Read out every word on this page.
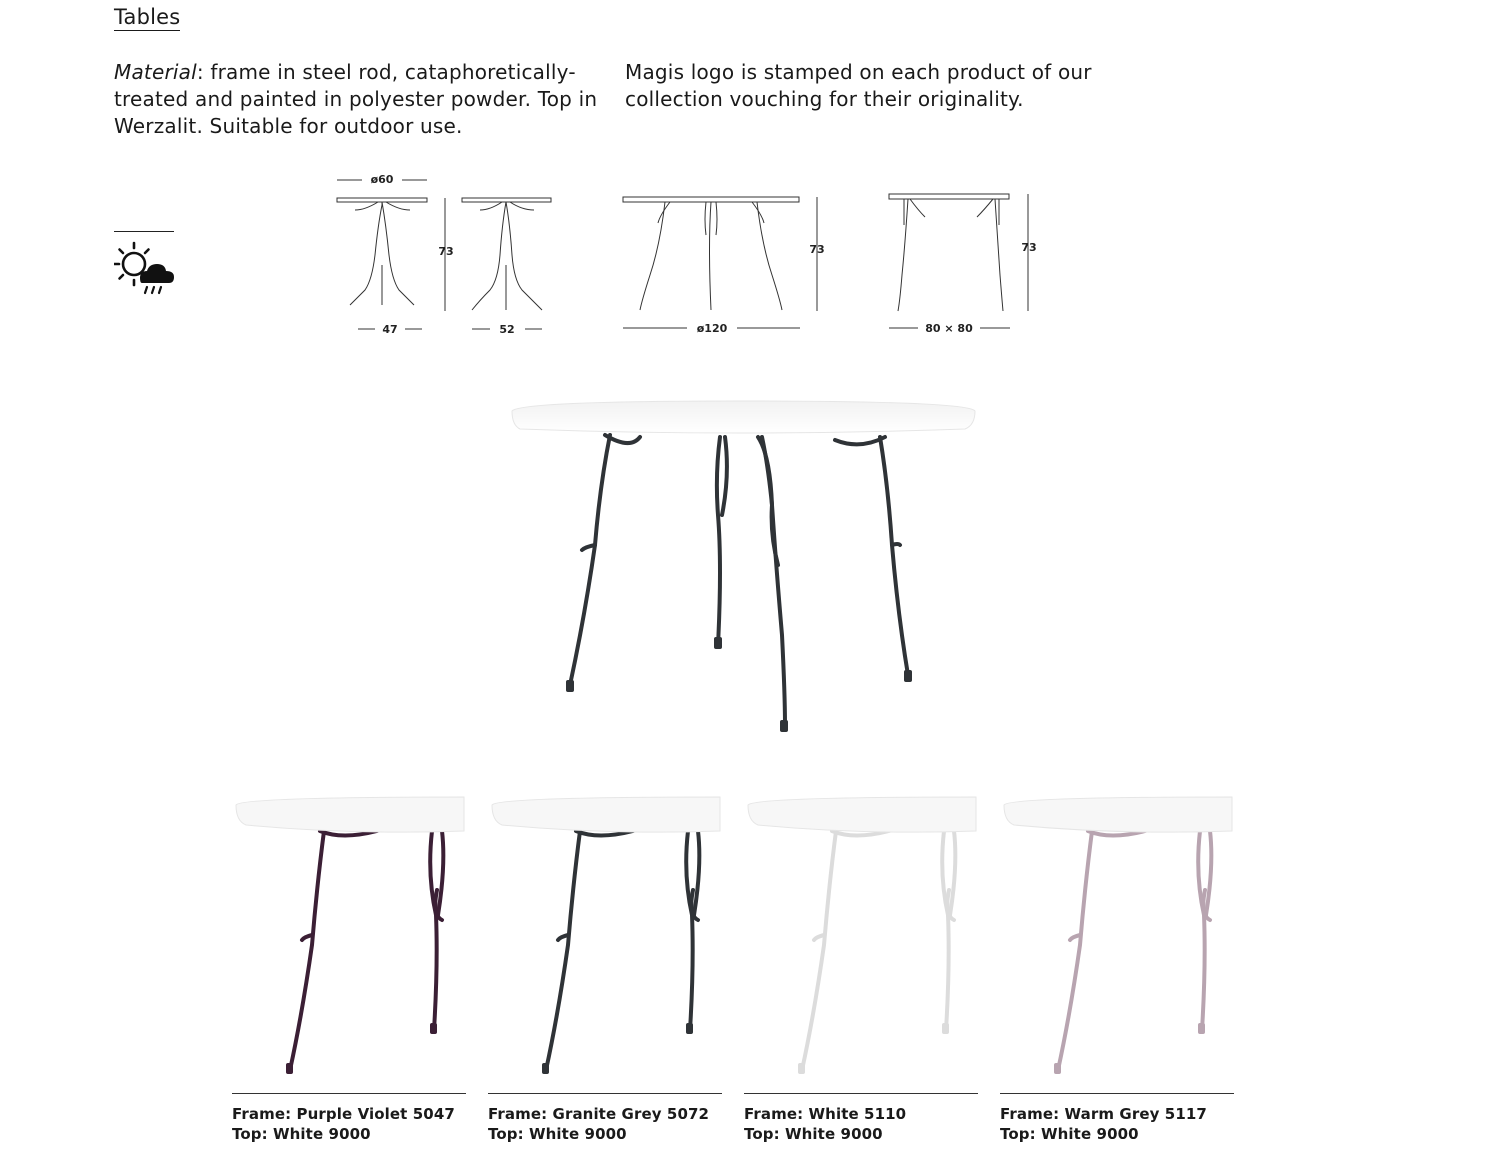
Tables
Material: frame in steel rod, cataphoretically-treated and painted in polyester powder. Top in Werzalit. Suitable for outdoor use.
Magis logo is stamped on each product of our collection vouching for their originality.
ø60
73
47	52
73
ø120
73
80 × 80
Frame: Purple Violet 5047
Top: White 9000
Frame: Granite Grey 5072
Top: White 9000
Frame: White 5110
Top: White 9000
Frame: Warm Grey 5117
Top: White 9000
